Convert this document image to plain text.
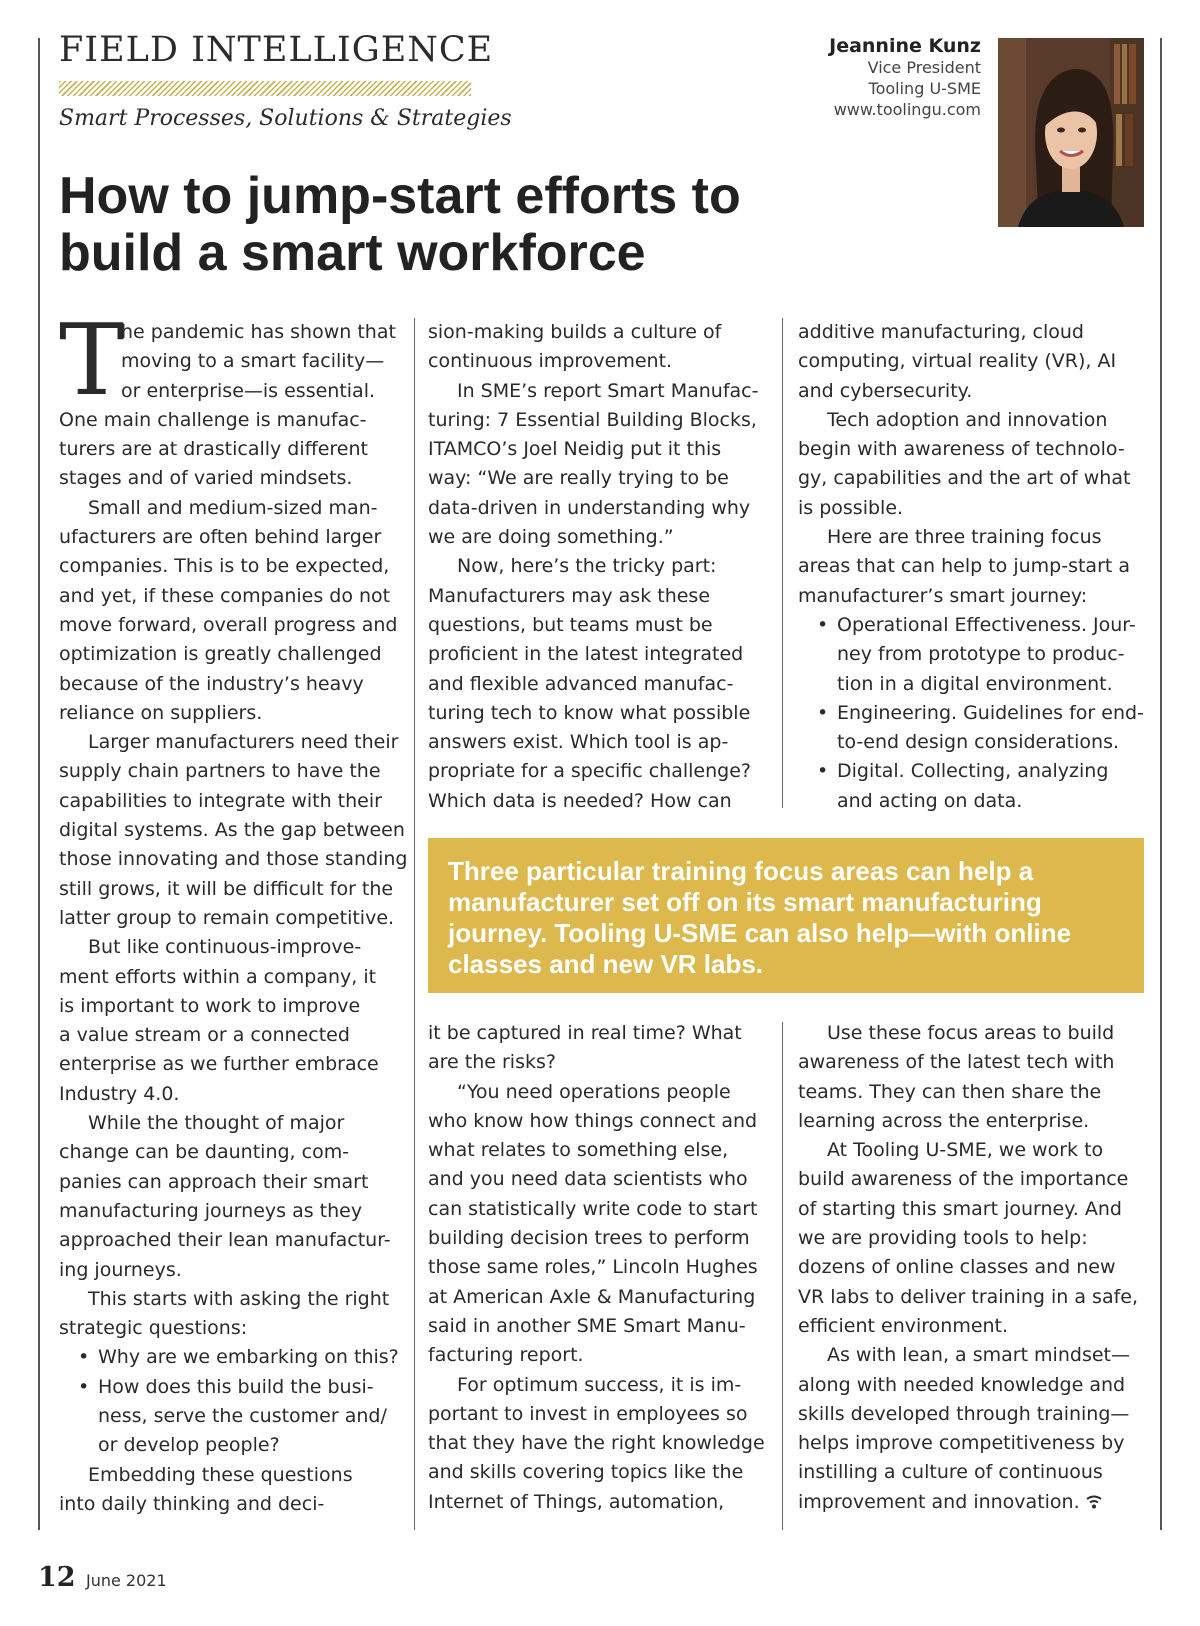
FIELD INTELLIGENCE
Smart Processes, Solutions & Strategies
Jeannine Kunz
Vice President
Tooling U-SME
www.toolingu.com
How to jump-start efforts to build a smart workforce
T

he pandemic has shown that

moving to a smart facility—

or enterprise—is essential.

One main challenge is manufac-

turers are at drastically different

stages and of varied mindsets.

Small and medium-sized man-

ufacturers are often behind larger

companies. This is to be expected,

and yet, if these companies do not

move forward, overall progress and

optimization is greatly challenged

because of the industry’s heavy

reliance on suppliers.

Larger manufacturers need their

supply chain partners to have the

capabilities to integrate with their

digital systems. As the gap between

those innovating and those standing

still grows, it will be difficult for the

latter group to remain competitive.

But like continuous-improve-

ment efforts within a company, it

is important to work to improve

a value stream or a connected

enterprise as we further embrace

Industry 4.0.

While the thought of major

change can be daunting, com-

panies can approach their smart

manufacturing journeys as they

approached their lean manufactur-

ing journeys.

This starts with asking the right

strategic questions:

• Why are we embarking on this?

• How does this build the busi-

ness, serve the customer and/

or develop people?

Embedding these questions

into daily thinking and deci-

sion-making builds a culture of

continuous improvement.

In SME’s report Smart Manufac-

turing: 7 Essential Building Blocks,

ITAMCO’s Joel Neidig put it this

way: “We are really trying to be

data-driven in understanding why

we are doing something.”

Now, here’s the tricky part:

Manufacturers may ask these

questions, but teams must be

proficient in the latest integrated

and flexible advanced manufac-

turing tech to know what possible

answers exist. Which tool is ap-

propriate for a specific challenge?

Which data is needed? How can

additive manufacturing, cloud

computing, virtual reality (VR), AI

and cybersecurity.

Tech adoption and innovation

begin with awareness of technolo-

gy, capabilities and the art of what

is possible.

Here are three training focus

areas that can help to jump-start a

manufacturer’s smart journey:

• Operational Effectiveness. Jour-

ney from prototype to produc-

tion in a digital environment.

• Engineering. Guidelines for end-

to-end design considerations.

• Digital. Collecting, analyzing

and acting on data.

Three particular training focus areas can help a manufacturer set off on its smart manufacturing journey. Tooling U-SME can also help—with online classes and new VR labs.

it be captured in real time? What

are the risks?

“You need operations people

who know how things connect and

what relates to something else,

and you need data scientists who

can statistically write code to start

building decision trees to perform

those same roles,” Lincoln Hughes

at American Axle & Manufacturing

said in another SME Smart Manu-

facturing report.

For optimum success, it is im-

portant to invest in employees so

that they have the right knowledge

and skills covering topics like the

Internet of Things, automation,

Use these focus areas to build

awareness of the latest tech with

teams. They can then share the

learning across the enterprise.

At Tooling U-SME, we work to

build awareness of the importance

of starting this smart journey. And

we are providing tools to help:

dozens of online classes and new

VR labs to deliver training in a safe,

efficient environment.

As with lean, a smart mindset—

along with needed knowledge and

skills developed through training—

helps improve competitiveness by

instilling a culture of continuous

improvement and innovation.

12 June 2021
